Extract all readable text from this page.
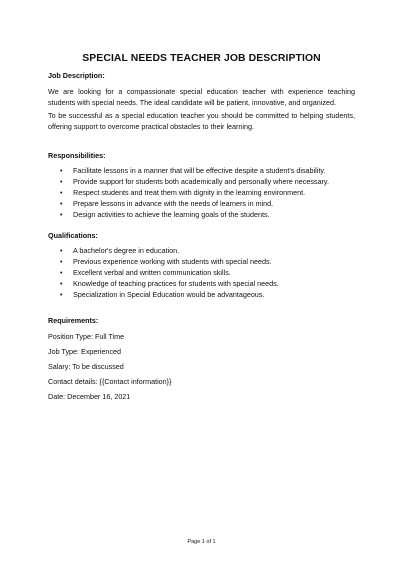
SPECIAL NEEDS TEACHER JOB DESCRIPTION
Job Description:
We are looking for a compassionate special education teacher with experience teaching students with special needs. The ideal candidate will be patient, innovative, and organized.
To be successful as a special education teacher you should be committed to helping students, offering support to overcome practical obstacles to their learning.
Responsibilities:
• Facilitate lessons in a manner that will be effective despite a student's disability.
• Provide support for students both academically and personally where necessary.
• Respect students and treat them with dignity in the learning environment.
• Prepare lessons in advance with the needs of learners in mind.
• Design activities to achieve the learning goals of the students.
Qualifications:
• A bachelor's degree in education.
• Previous experience working with students with special needs.
• Excellent verbal and written communication skills.
• Knowledge of teaching practices for students with special needs.
• Specialization in Special Education would be advantageous.
Requirements:
Position Type: Full Time
Job Type: Experienced
Salary: To be discussed
Contact details: {{Contact information}}
Date: December 16, 2021
Page 1 of 1
